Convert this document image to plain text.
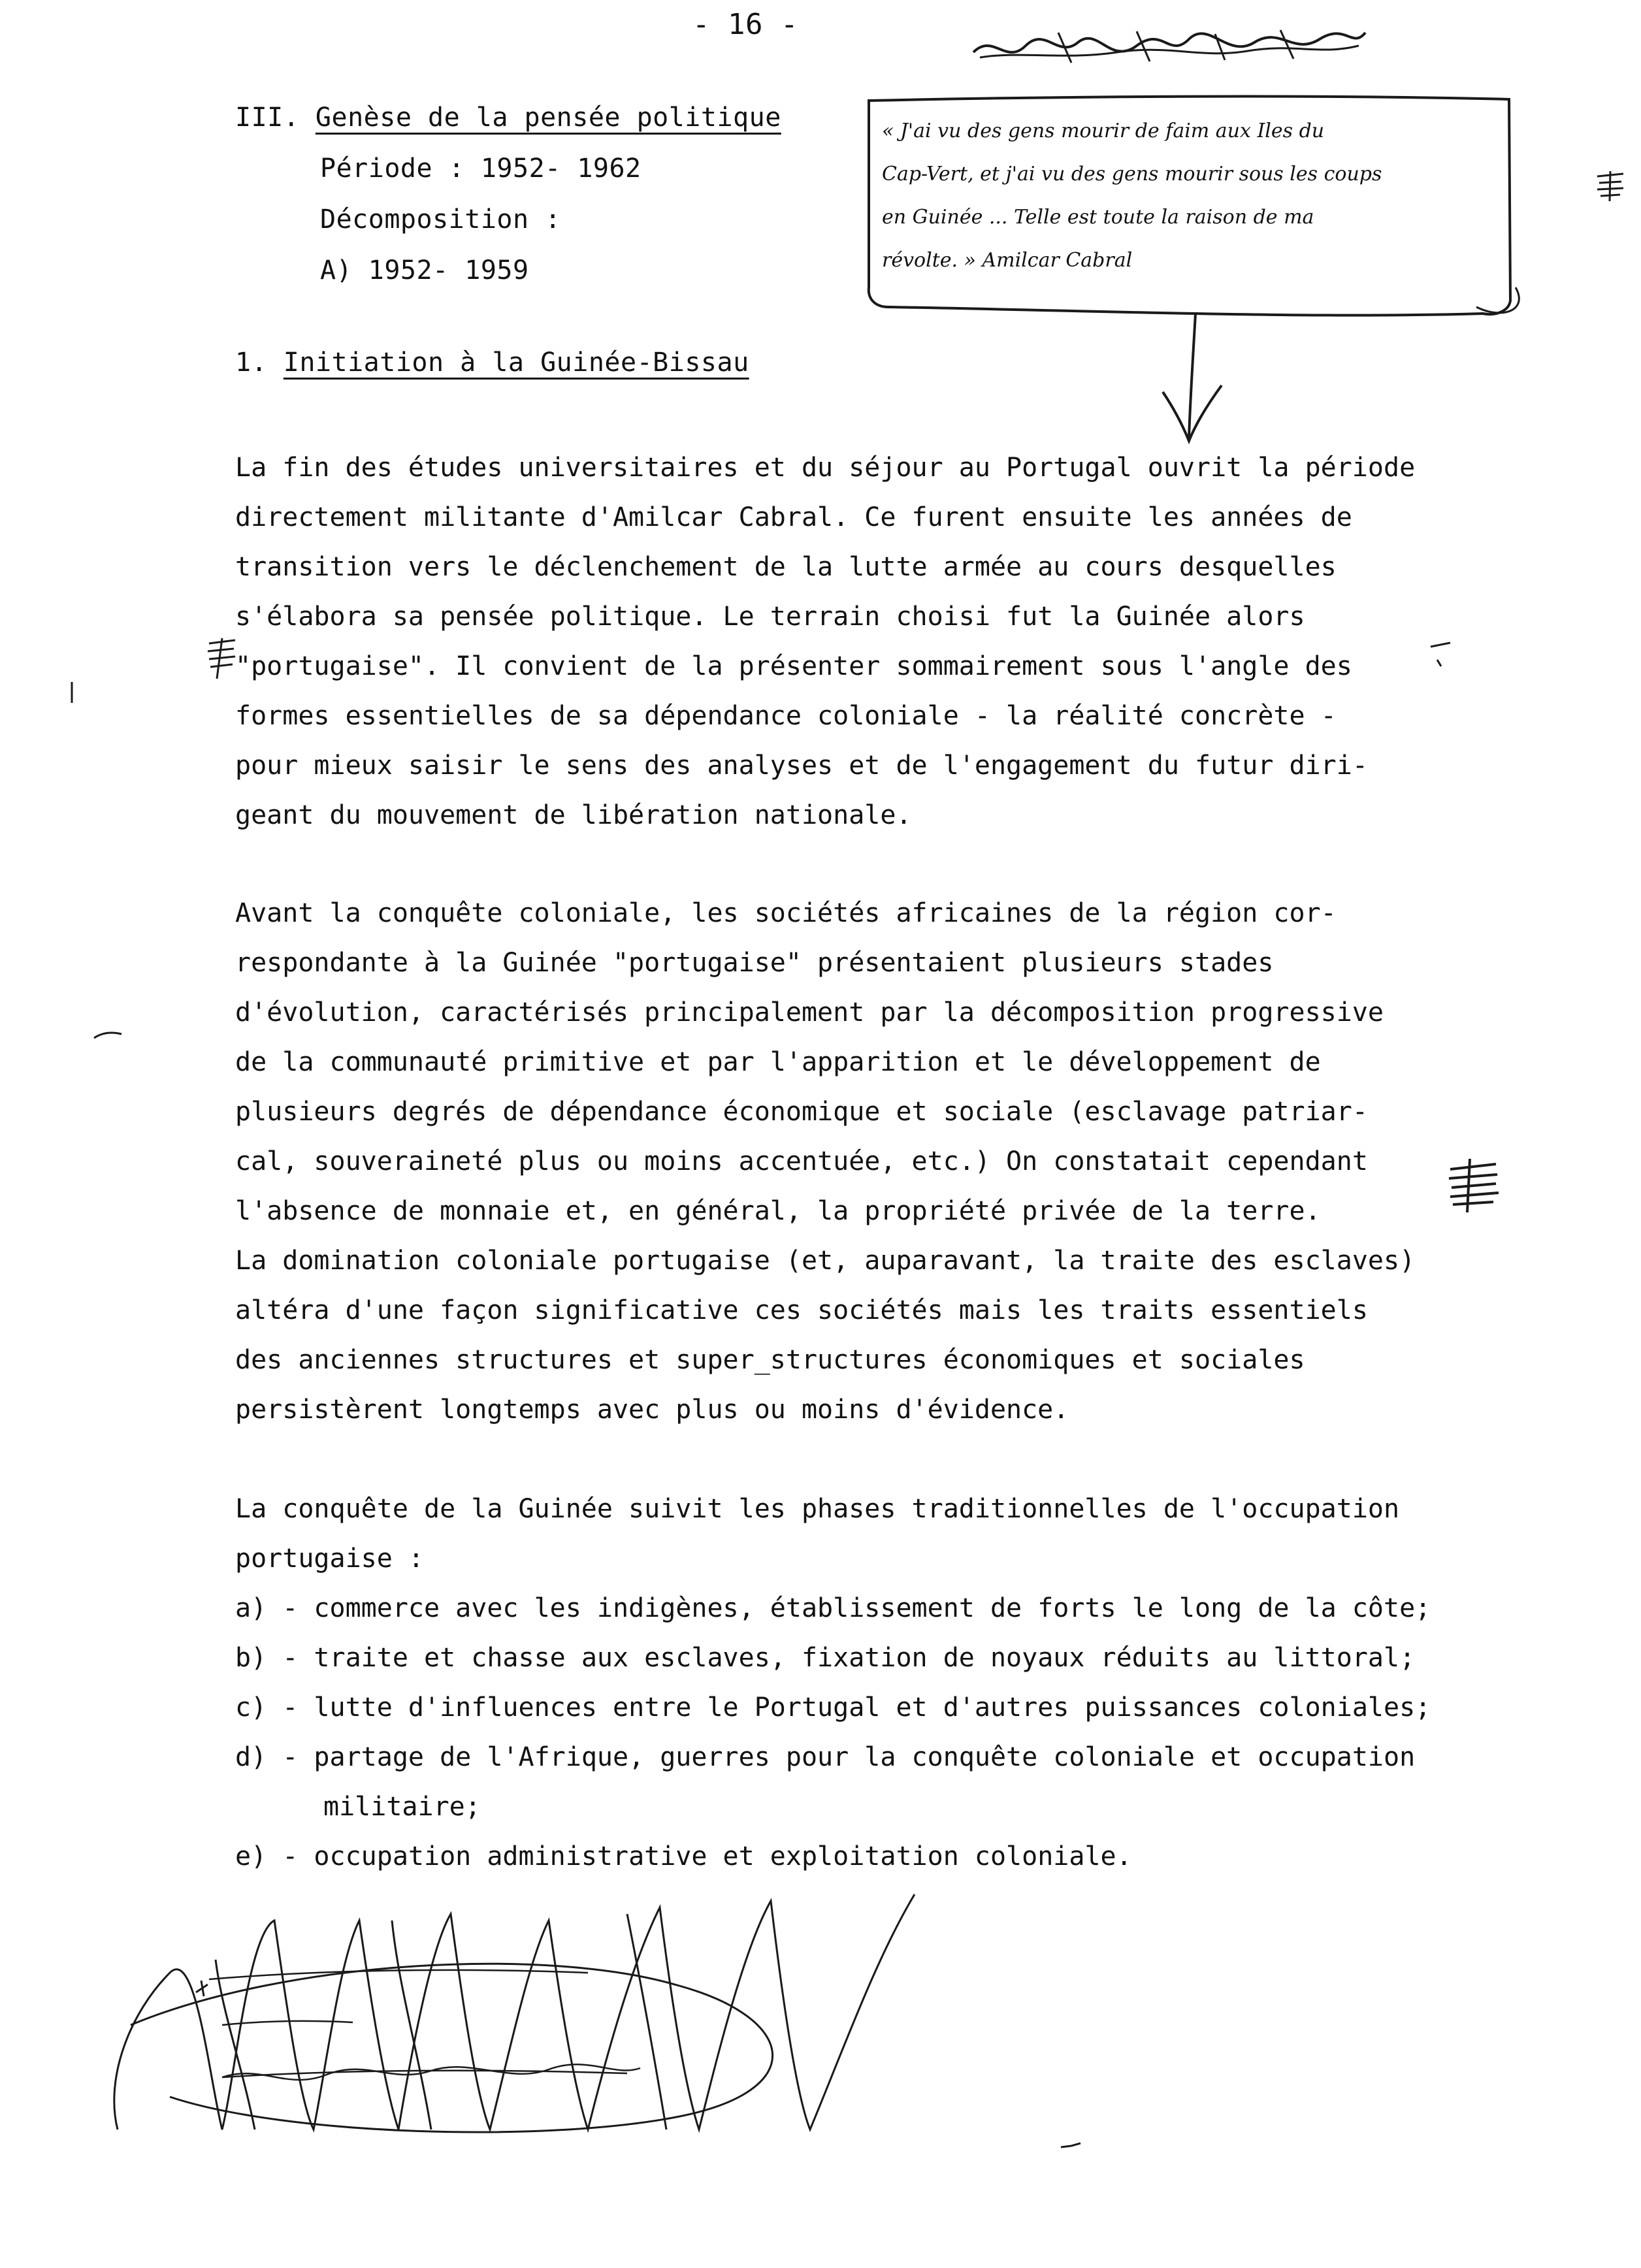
- 16 -
III. Genèse de la pensée politique
Période : 1952- 1962
Décomposition :
A) 1952- 1959
« J'ai vu des gens mourir de faim aux Iles du
Cap-Vert, et j'ai vu des gens mourir sous les coups
en Guinée ... Telle est toute la raison de ma
révolte. » Amilcar Cabral
1. Initiation à la Guinée-Bissau
La fin des études universitaires et du séjour au Portugal ouvrit la période
directement militante d'Amilcar Cabral. Ce furent ensuite les années de
transition vers le déclenchement de la lutte armée au cours desquelles
s'élabora sa pensée politique. Le terrain choisi fut la Guinée alors
"portugaise". Il convient de la présenter sommairement sous l'angle des
formes essentielles de sa dépendance coloniale - la réalité concrète -
pour mieux saisir le sens des analyses et de l'engagement du futur diri-
geant du mouvement de libération nationale.
Avant la conquête coloniale, les sociétés africaines de la région cor-
respondante à la Guinée "portugaise" présentaient plusieurs stades
d'évolution, caractérisés principalement par la décomposition progressive
de la communauté primitive et par l'apparition et le développement de
plusieurs degrés de dépendance économique et sociale (esclavage patriar-
cal, souveraineté plus ou moins accentuée, etc.) On constatait cependant
l'absence de monnaie et, en général, la propriété privée de la terre.
La domination coloniale portugaise (et, auparavant, la traite des esclaves)
altéra d'une façon significative ces sociétés mais les traits essentiels
des anciennes structures et super_structures économiques et sociales
persistèrent longtemps avec plus ou moins d'évidence.
La conquête de la Guinée suivit les phases traditionnelles de l'occupation
portugaise :
a) - commerce avec les indigènes, établissement de forts le long de la côte;
b) - traite et chasse aux esclaves, fixation de noyaux réduits au littoral;
c) - lutte d'influences entre le Portugal et d'autres puissances coloniales;
d) - partage de l'Afrique, guerres pour la conquête coloniale et occupation
militaire;
e) - occupation administrative et exploitation coloniale.
